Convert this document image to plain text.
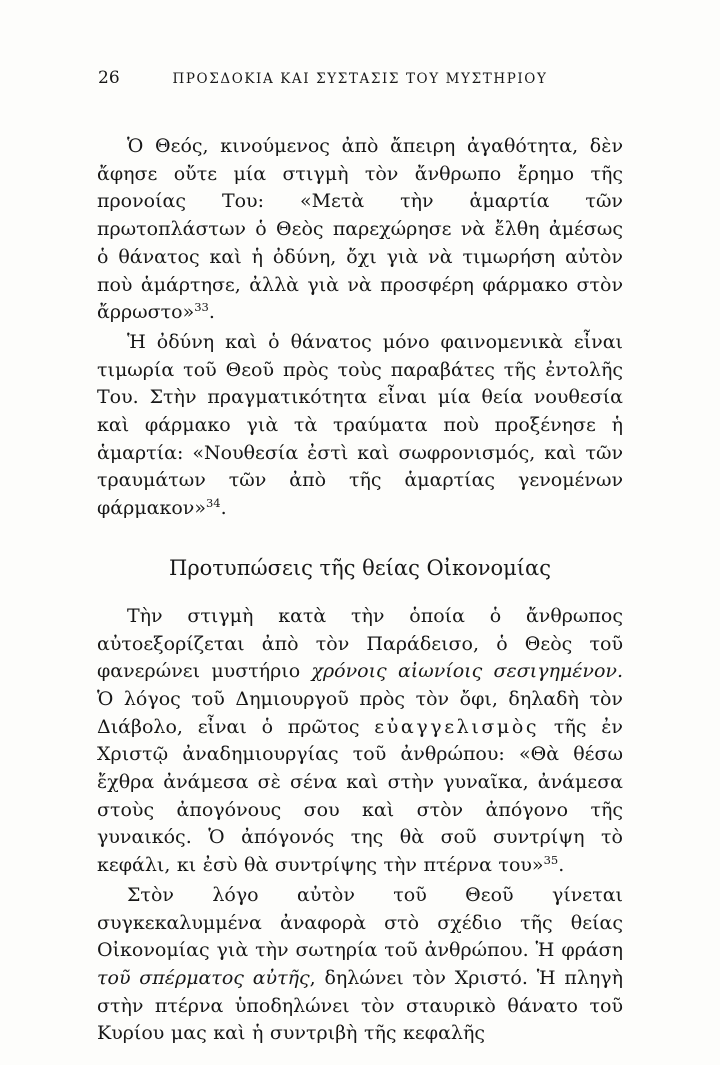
26	ΠΡΟΣΔΟΚΙΑ ΚΑΙ ΣΥΣΤΑΣΙΣ ΤΟΥ ΜΥΣΤΗΡΙΟΥ

Ὁ Θεός, κινούμενος ἀπὸ ἄπειρη ἀγαθότητα, δὲν ἄφησε οὔτε μία στιγμὴ τὸν ἄνθρωπο ἔρημο τῆς προνοίας Του: «Μετὰ τὴν ἁμαρτία τῶν πρωτοπλάστων ὁ Θεὸς παρεχώρησε νὰ ἔλθη ἀμέσως ὁ θάνατος καὶ ἡ ὀδύνη, ὄχι γιὰ νὰ τιμωρήση αὐτὸν ποὺ ἁμάρτησε, ἀλλὰ γιὰ νὰ προσφέρη φάρμακο στὸν ἄρρωστο»$^{33}$.

Ἡ ὀδύνη καὶ ὁ θάνατος μόνο φαινομενικὰ εἶναι τιμωρία τοῦ Θεοῦ πρὸς τοὺς παραβάτες τῆς ἐντολῆς Του. Στὴν πραγματικότητα εἶναι μία θεία νουθεσία καὶ φάρμακο γιὰ τὰ τραύματα ποὺ προξένησε ἡ ἁμαρτία: «Νουθεσία ἐστὶ καὶ σωφρονισμός, καὶ τῶν τραυμάτων τῶν ἀπὸ τῆς ἁμαρτίας γενομένων φάρμακον»$^{34}$.

Προτυπώσεις τῆς θείας Οἰκονομίας

Τὴν στιγμὴ κατὰ τὴν ὁποία ὁ ἄνθρωπος αὐτοεξορίζεται ἀπὸ τὸν Παράδεισο, ὁ Θεὸς τοῦ φανερώνει μυστήριο χρόνοις αἰωνίοις σεσιγημένον. Ὁ λόγος τοῦ Δημιουργοῦ πρὸς τὸν ὄφι, δηλαδὴ τὸν Διάβολο, εἶναι ὁ πρῶτος εὐαγγελισμὸς τῆς ἐν Χριστῷ ἀναδημιουργίας τοῦ ἀνθρώπου: «Θὰ θέσω ἔχθρα ἀνάμεσα σὲ σένα καὶ στὴν γυναῖκα, ἀνάμεσα στοὺς ἀπογόνους σου καὶ στὸν ἀπόγονο τῆς γυναικός. Ὁ ἀπόγονός της θὰ σοῦ συντρίψη τὸ κεφάλι, κι ἐσὺ θὰ συντρίψης τὴν πτέρνα του»$^{35}$.

Στὸν λόγο αὐτὸν τοῦ Θεοῦ γίνεται συγκεκαλυμμένα ἀναφορὰ στὸ σχέδιο τῆς θείας Οἰκονομίας γιὰ τὴν σωτηρία τοῦ ἀνθρώπου. Ἡ φράση τοῦ σπέρματος αὐτῆς, δηλώνει τὸν Χριστό. Ἡ πληγὴ στὴν πτέρνα ὑποδηλώνει τὸν σταυρικὸ θάνατο τοῦ Κυρίου μας καὶ ἡ συντριβὴ τῆς κεφαλῆς
